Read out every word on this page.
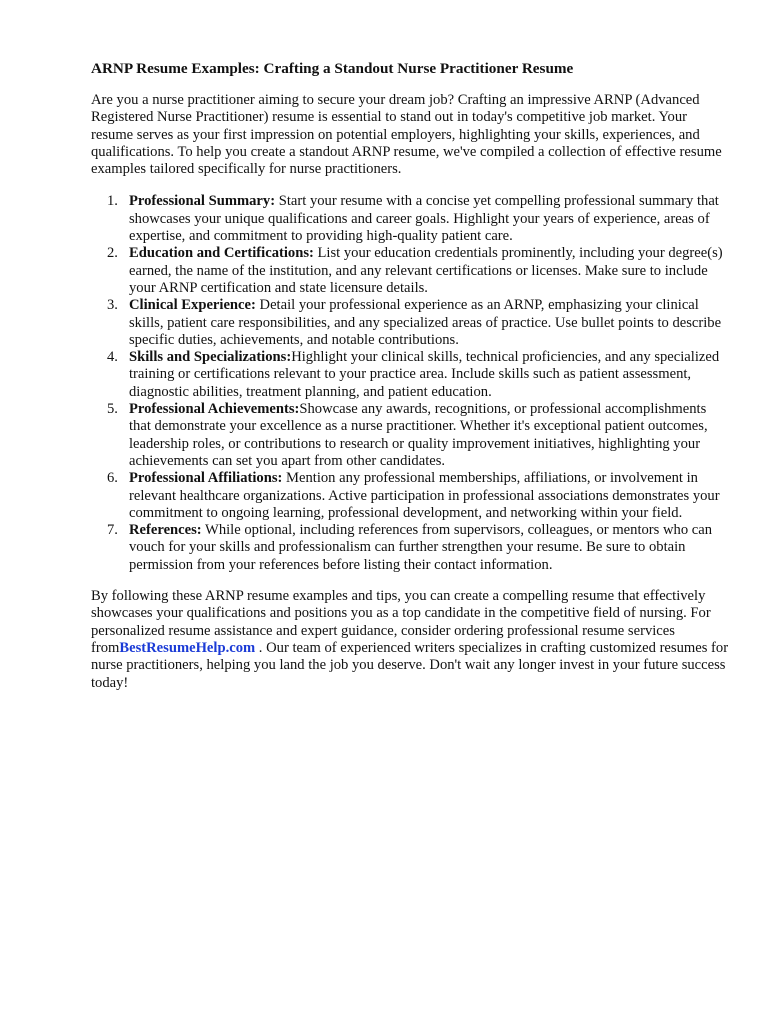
ARNP Resume Examples: Crafting a Standout Nurse Practitioner Resume

Are you a nurse practitioner aiming to secure your dream job? Crafting an impressive ARNP (Advanced Registered Nurse Practitioner) resume is essential to stand out in today's competitive job market. Your resume serves as your first impression on potential employers, highlighting your skills, experiences, and qualifications. To help you create a standout ARNP resume, we've compiled a collection of effective resume examples tailored specifically for nurse practitioners.

1. Professional Summary: Start your resume with a concise yet compelling professional summary that showcases your unique qualifications and career goals. Highlight your years of experience, areas of expertise, and commitment to providing high-quality patient care.
2. Education and Certifications: List your education credentials prominently, including your degree(s) earned, the name of the institution, and any relevant certifications or licenses. Make sure to include your ARNP certification and state licensure details.
3. Clinical Experience: Detail your professional experience as an ARNP, emphasizing your clinical skills, patient care responsibilities, and any specialized areas of practice. Use bullet points to describe specific duties, achievements, and notable contributions.
4. Skills and Specializations:Highlight your clinical skills, technical proficiencies, and any specialized training or certifications relevant to your practice area. Include skills such as patient assessment, diagnostic abilities, treatment planning, and patient education.
5. Professional Achievements:Showcase any awards, recognitions, or professional accomplishments that demonstrate your excellence as a nurse practitioner. Whether it's exceptional patient outcomes, leadership roles, or contributions to research or quality improvement initiatives, highlighting your achievements can set you apart from other candidates.
6. Professional Affiliations: Mention any professional memberships, affiliations, or involvement in relevant healthcare organizations. Active participation in professional associations demonstrates your commitment to ongoing learning, professional development, and networking within your field.
7. References: While optional, including references from supervisors, colleagues, or mentors who can vouch for your skills and professionalism can further strengthen your resume. Be sure to obtain permission from your references before listing their contact information.

By following these ARNP resume examples and tips, you can create a compelling resume that effectively showcases your qualifications and positions you as a top candidate in the competitive field of nursing. For personalized resume assistance and expert guidance, consider ordering professional resume services fromBestResumeHelp.com . Our team of experienced writers specializes in crafting customized resumes for nurse practitioners, helping you land the job you deserve. Don't wait any longer invest in your future success today!
